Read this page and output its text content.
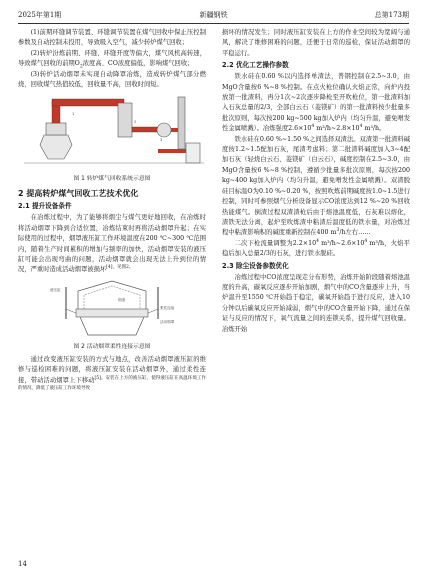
2025年第1期	新疆钢铁	总第173期

(1)前期环缝调节装置、环缝调节装置在煤气回收中保止压控制参数及自动控制未投用，导致吸入空气，减少转炉煤气回收；

(2)转炉汾炼前期、环缝、环缝开度等偏大，煤气风机高转速，导致煤气回收的前期$O_2$浓度高、CO浓度偏低，影响煤气回收；

(3)转炉活动烟罩未实现自动降罩冶炼，造成转炉煤气部分燃烧，回收煤气热值较低，回收量不高，回收时间短。

1
2
3
图 1 转炉煤气回收系统示意图
2 提高转炉煤气回收工艺技术优化
2.1 提升设备条件

在冶炼过程中，为了能够将烟尘与煤气更好地回收，在冶炼时将活动烟罩下降到合适位置，冶炼结束时再将活动烟罩升起；在实际使用的过程中，烟罩液压缸工作环境温度在200 ℃~300 ℃范围内，随着生产时间累积的增加与频率的加快，活动烟罩安装的液压缸可能会出现弯曲的问题，活动烟罩就会出现无法上升到位的情况，严重时造成活动烟罩被损坏$^{[4],见图2。}$

液压缸
烟道
活动烟罩
柔性连接
图 2 活动烟罩柔性连接示意图

通过改变液压缸安装的方式与地点，改善活动烟罩液压缸的维修与巡检困难的问题，将液压缸安装在活动烟罩外，通过柔性连接，带动活动烟罩上下移动$^{[5]。安装在上方的液压缸,使得液压缸在高温环境工作的情况,降低了液压缸工作环境导致}$

损坏的情况发生；同时液压缸安装在上方的作业空间较为宽阔与通风，解决了维修困难的问题，还便于日常的巡检，保证活动烟罩的平稳运行。

2.2 优化工艺操作参数

铁水硅在0.60 %以内选择单渣法，普钢控制在2.5~3.0，由MgO含量按6 %~8 %控制。在点火枪位确认火焰正常，向炉内投放第一批渣料，再分1次~2次逐步降枪至开吹枪位，第一批渣料加入石灰总量的2/3，全部白云石（菱镁矿）的第一批渣料按少批量多批次原则，每次按200 kg~500 kg加入炉内（均匀升温，避免噌发性金属喷溅）。冶炼强度$2.6\times 10^4$ $m^3/h\sim 2.8\times 10^4$ m³/h。

铁水硅在0.60 %~1.50 %之间选择双渣法。双渣第一批渣料碱度按1.2~1.5配加石灰，尾渣考虑料；第二批渣料碱度加入3~4配加石灰（轻烧白云石、菱镁矿（白云石），碱度控制在2.5~3.0，由MgO含量按6 %~8 %控制，遵循少批量多批次原则，每次按200 kg~400 kg加入炉内（均匀升温，避免噌发性金属喷溅）。双渣脱硅目标温O为0.10 %~0.20 %，按照吹炼前期碱度按1.0~1.5进行控制，同时可参照烟气分析设备显示CO浓度达到12 %~20 %回收热能煤气。倒渣过程双渣渣枪后由于熔池温度低，石灰难以熔化，渣铁无法分离，起炉至吹炼渣中粘渣后温度低的铁水量，对冶炼过程中粘渣影响积的碱度重新控制在400 $m^3/h$左右……

二次下枪流量调整为$2.2\times 10^4$ $m^3/h\sim 2.6\times 10^4$ m³/h，火焰平稳后加入总量2/3的石灰，进行铁水脱硅。

2.3 除尘设备参数优化

冶炼过程中CO浓度呈现走分布形势，冶炼开始阶段随着熔池温度的升高，碳氧反应逐步开始加剧，烟气中的CO含量逐步上升，当炉温升至1550 ℃开始趋于稳定，碳氧开始趋于进行反应，进入10分钟以后碳氧反应开始减弱，烟气中的CO含量开始下降，通过在保证与反应的情况下，氧气流量之间的连锁关系，提升煤气回收量。冶炼开始

14
